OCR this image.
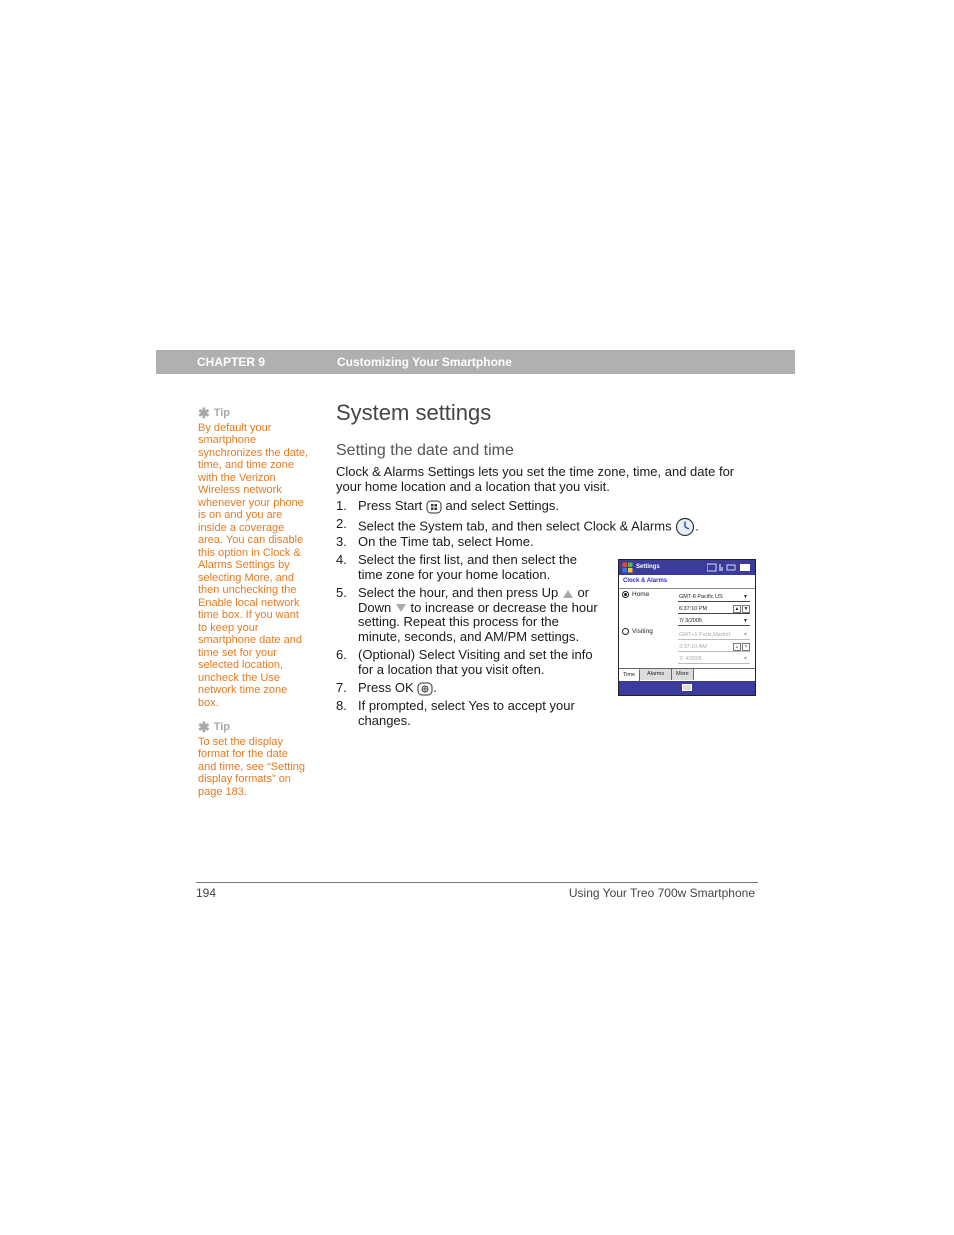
CHAPTER 9	Customizing Your Smartphone
✱ Tip
By default your
smartphone
synchronizes the date,
time, and time zone
with the Verizon
Wireless network
whenever your phone
is on and you are
inside a coverage
area. You can disable
this option in Clock &
Alarms Settings by
selecting More, and
then unchecking the
Enable local network
time box. If you want
to keep your
smartphone date and
time set for your
selected location,
uncheck the Use
network time zone
box.
✱ Tip
To set the display
format for the date
and time, see “Setting
display formats” on
page 183.
System settings
Setting the date and time
Clock & Alarms Settings lets you set the time zone, time, and date for
your home location and a location that you visit.
1. Press Start and select Settings.
2. Select the System tab, and then select Clock & Alarms .
3. On the Time tab, select Home.
4. Select the first list, and then select the
time zone for your home location.
5. Select the hour, and then press Up or
Down to increase or decrease the hour
setting. Repeat this process for the
minute, seconds, and AM/PM settings.
6. (Optional) Select Visiting and set the info
for a location that you visit often.
7. Press OK .
8. If prompted, select Yes to accept your
changes.
Settings
Clock & Alarms
Home	GMT-8 Pacific US	▼
6:37:10 PM	▲ ▼
7/ 3/2005	▼
Visiting	GMT+1 Paris,Madrid	▼
3:37:10 AM	▲ ▼
7/ 4/2005	▼
Time	Alarms	More
194	Using Your Treo 700w Smartphone
